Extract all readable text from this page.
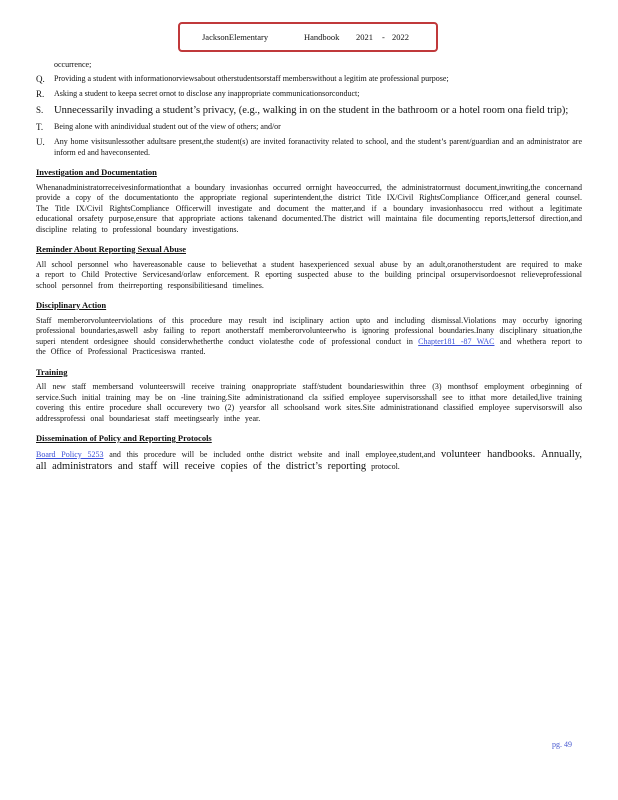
JacksonElementary	Handbook 2021 - 2022
occurrence;
Q.	Providing a student with informationorviewsabout otherstudentsorstaff memberswithout a legitim ate professional purpose;
R.	Asking a student to keepa secret ornot to disclose any inappropriate communicationsorconduct;
S.	Unnecessarily invading a student’s privacy, (e.g., walking in on the student in the bathroom or a hotel room ona field trip);
T.	Being alone with anindividual student out of the view of others; and/or
U.	Any home visitsunlessother adultsare present,the student(s) are invited foranactivity related to school, and the student’s parent/guardian and an administrator are inform ed and haveconsented.
Investigation and Documentation

Whenanadministratorreceivesinformationthat a boundary invasionhas occurred orrnight haveoccurred, the administratorrnust document,inwriting,the concernand provide a copy of the documentationto the appropriate regional superintendent,the district Title IX/Civil RightsCompliance Officer,and general counsel. The Title IX/Civil RightsCompliance Officerwill investigate and document the matter,and if a boundary invasionhasoccu rred without a legitimate educational orsafety purpose,ensure that appropriate actions takenand documented.The district will maintaina file documenting reports,lettersof direction,and discipline relating to professional boundary investigations.

Reminder About Reporting Sexual Abuse

All school personnel who havereasonable cause to believethat a student hasexperienced sexual abuse by an adult,oranotherstudent are required to make a report to Child Protective Servicesand/orlaw enforcement. R eporting suspected abuse to the building principal orsupervisordoesnot relieveprofessional school personnel from theirreporting responsibilitiesand timelines.

Disciplinary Action

Staff memberorvolunteerviolations of this procedure may result ind isciplinary action upto and including dismissal.Violations may occurby ignoring professional boundaries,aswell asby failing to report anotherstaff memberorvolunteerwho is ignoring professional boundaries.Inany disciplinary situation,the superi ntendent ordesignee should considerwhetherthe conduct violatesthe code of professional conduct in Chapter181 -87 WAC and whethera report to the Office of Professional Practicesiswa rranted.

Training

All new staff membersand volunteerswill receive training onappropriate staff/student boundarieswithin three (3) monthsof employment orbeginning of service.Such initial training may be on -line training.Site administrationand cla ssified employee supervisorsshall see to itthat more detailed,live training covering this entire procedure shall occurevery two (2) yearsfor all schoolsand work sites.Site administrationand classified employee supervisorswill also addressprofessi onal boundariesat staff meetingsearly inthe year.

Dissemination of Policy and Reporting Protocols

Board Policy 5253 and this procedure will be included onthe district website and inall employee,student,and volunteer handbooks. Annually, all administrators and staff will receive copies of the district’s reporting protocol.

pg. 49
